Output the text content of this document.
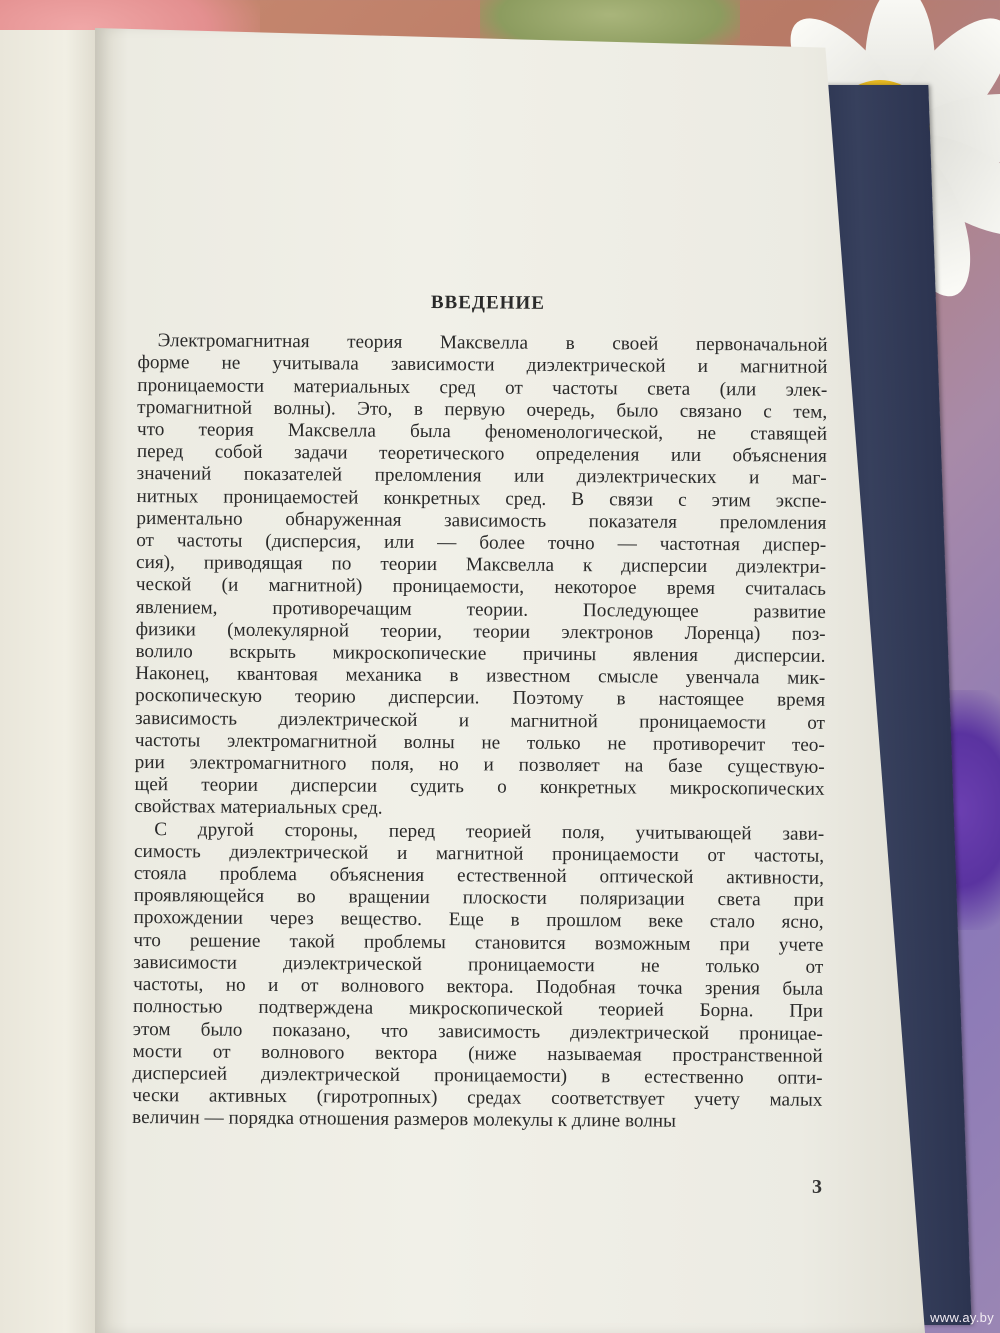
ВВЕДЕНИЕ
Электромагнитная теория Максвелла в своей первоначальной
форме не учитывала зависимости диэлектрической и магнитной
проницаемости материальных сред от частоты света (или элек-
тромагнитной волны). Это, в первую очередь, было связано с тем,
что теория Максвелла была феноменологической, не ставящей
перед собой задачи теоретического определения или объяснения
значений показателей преломления или диэлектрических и маг-
нитных проницаемостей конкретных сред. В связи с этим экспе-
риментально обнаруженная зависимость показателя преломления
от частоты (дисперсия, или — более точно — частотная диспер-
сия), приводящая по теории Максвелла к дисперсии диэлектри-
ческой (и магнитной) проницаемости, некоторое время считалась
явлением, противоречащим теории. Последующее развитие
физики (молекулярной теории, теории электронов Лоренца) поз-
волило вскрыть микроскопические причины явления дисперсии.
Наконец, квантовая механика в известном смысле увенчала мик-
роскопическую теорию дисперсии. Поэтому в настоящее время
зависимость диэлектрической и магнитной проницаемости от
частоты электромагнитной волны не только не противоречит тео-
рии электромагнитного поля, но и позволяет на базе существую-
щей теории дисперсии судить о конкретных микроскопических
свойствах материальных сред.
С другой стороны, перед теорией поля, учитывающей зави-
симость диэлектрической и магнитной проницаемости от частоты,
стояла проблема объяснения естественной оптической активности,
проявляющейся во вращении плоскости поляризации света при
прохождении через вещество. Еще в прошлом веке стало ясно,
что решение такой проблемы становится возможным при учете
зависимости диэлектрической проницаемости не только от
частоты, но и от волнового вектора. Подобная точка зрения была
полностью подтверждена микроскопической теорией Борна. При
этом было показано, что зависимость диэлектрической проницае-
мости от волнового вектора (ниже называемая пространственной
дисперсией диэлектрической проницаемости) в естественно опти-
чески активных (гиротропных) средах соответствует учету малых
величин — порядка отношения размеров молекулы к длине волны
3
www.ay.by
